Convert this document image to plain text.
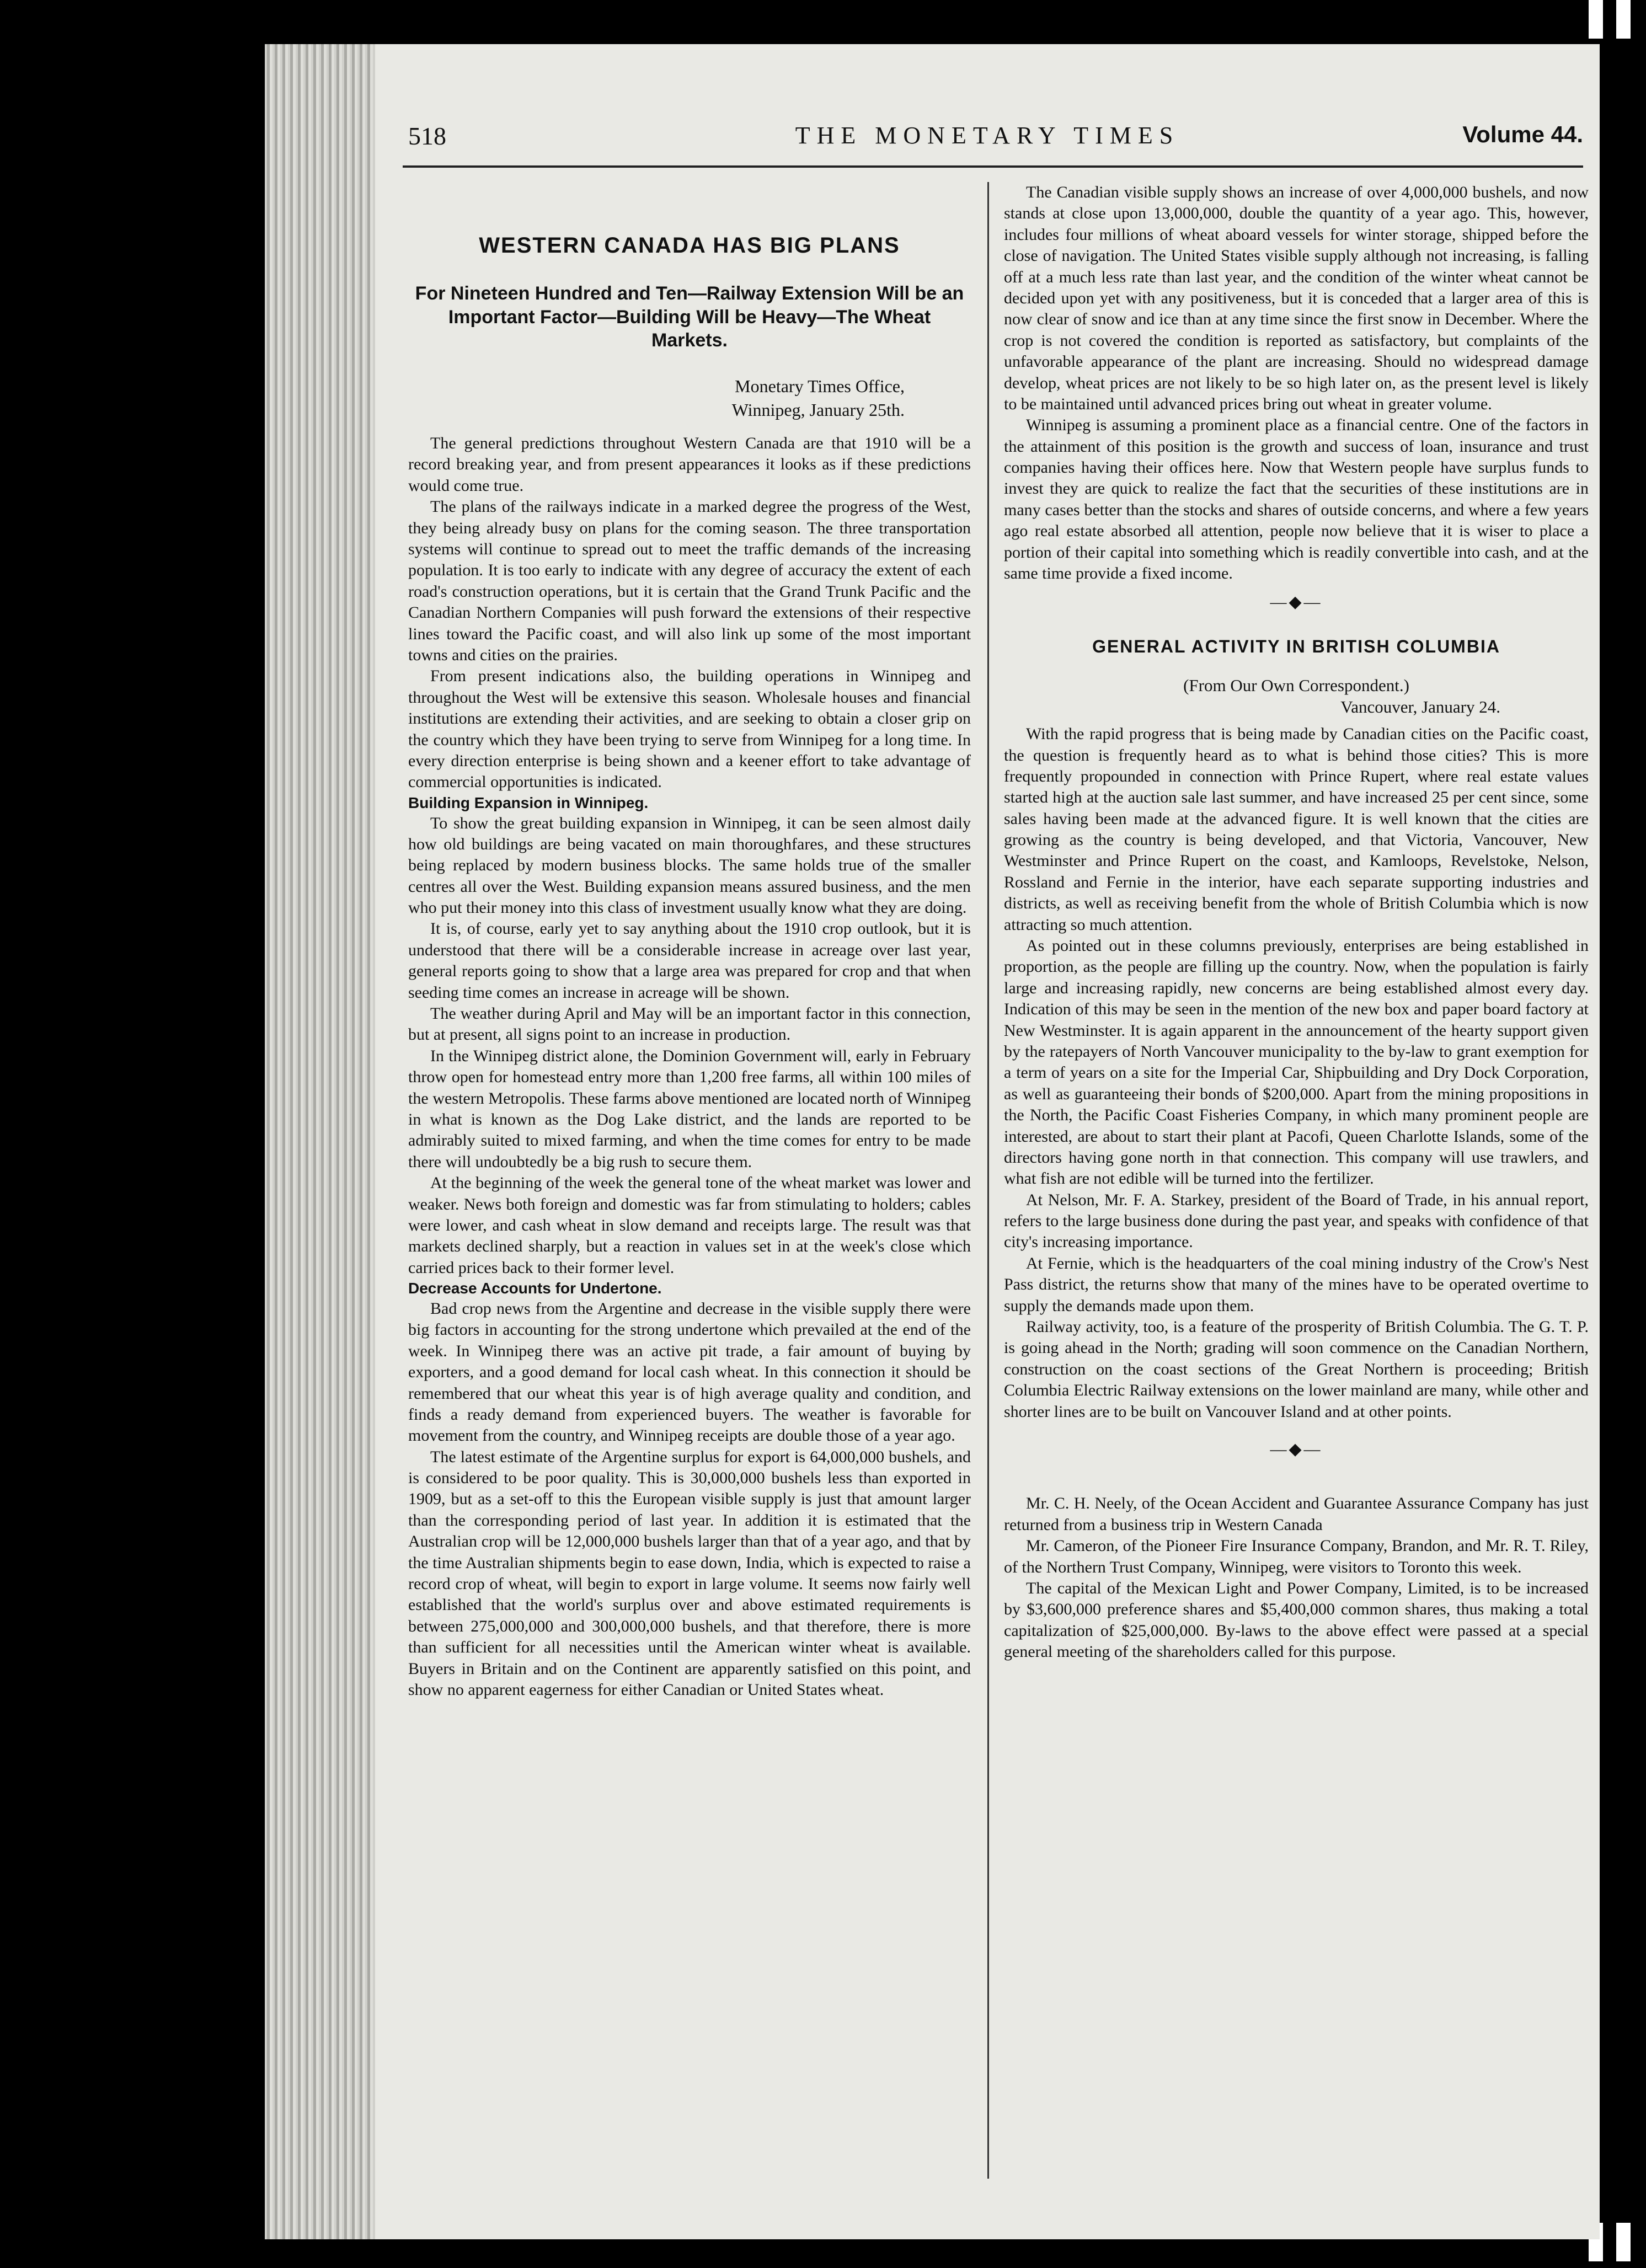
518	THE MONETARY TIMES	Volume 44.
WESTERN CANADA HAS BIG PLANS
For Nineteen Hundred and Ten—Railway Extension Will be an Important Factor—Building Will be Heavy—The Wheat Markets.
Monetary Times Office,
Winnipeg, January 25th.

The general predictions throughout Western Canada are that 1910 will be a record breaking year, and from present appearances it looks as if these predictions would come true.

The plans of the railways indicate in a marked degree the progress of the West, they being already busy on plans for the coming season. The three transportation systems will continue to spread out to meet the traffic demands of the increasing population. It is too early to indicate with any degree of accuracy the extent of each road's construction operations, but it is certain that the Grand Trunk Pacific and the Canadian Northern Companies will push forward the extensions of their respective lines toward the Pacific coast, and will also link up some of the most important towns and cities on the prairies.

From present indications also, the building operations in Winnipeg and throughout the West will be extensive this season. Wholesale houses and financial institutions are extending their activities, and are seeking to obtain a closer grip on the country which they have been trying to serve from Winnipeg for a long time. In every direction enterprise is being shown and a keener effort to take advantage of commercial opportunities is indicated.

Building Expansion in Winnipeg.

To show the great building expansion in Winnipeg, it can be seen almost daily how old buildings are being vacated on main thoroughfares, and these structures being replaced by modern business blocks. The same holds true of the smaller centres all over the West. Building expansion means assured business, and the men who put their money into this class of investment usually know what they are doing.

It is, of course, early yet to say anything about the 1910 crop outlook, but it is understood that there will be a considerable increase in acreage over last year, general reports going to show that a large area was prepared for crop and that when seeding time comes an increase in acreage will be shown.

The weather during April and May will be an important factor in this connection, but at present, all signs point to an increase in production.

In the Winnipeg district alone, the Dominion Government will, early in February throw open for homestead entry more than 1,200 free farms, all within 100 miles of the western Metropolis. These farms above mentioned are located north of Winnipeg in what is known as the Dog Lake district, and the lands are reported to be admirably suited to mixed farming, and when the time comes for entry to be made there will undoubtedly be a big rush to secure them.

At the beginning of the week the general tone of the wheat market was lower and weaker. News both foreign and domestic was far from stimulating to holders; cables were lower, and cash wheat in slow demand and receipts large. The result was that markets declined sharply, but a reaction in values set in at the week's close which carried prices back to their former level.

Decrease Accounts for Undertone.

Bad crop news from the Argentine and decrease in the visible supply there were big factors in accounting for the strong undertone which prevailed at the end of the week. In Winnipeg there was an active pit trade, a fair amount of buying by exporters, and a good demand for local cash wheat. In this connection it should be remembered that our wheat this year is of high average quality and condition, and finds a ready demand from experienced buyers. The weather is favorable for movement from the country, and Winnipeg receipts are double those of a year ago.

The latest estimate of the Argentine surplus for export is 64,000,000 bushels, and is considered to be poor quality. This is 30,000,000 bushels less than exported in 1909, but as a set-off to this the European visible supply is just that amount larger than the corresponding period of last year. In addition it is estimated that the Australian crop will be 12,000,000 bushels larger than that of a year ago, and that by the time Australian shipments begin to ease down, India, which is expected to raise a record crop of wheat, will begin to export in large volume. It seems now fairly well established that the world's surplus over and above estimated requirements is between 275,000,000 and 300,000,000 bushels, and that therefore, there is more than sufficient for all necessities until the American winter wheat is available. Buyers in Britain and on the Continent are apparently satisfied on this point, and show no apparent eagerness for either Canadian or United States wheat.

The Canadian visible supply shows an increase of over 4,000,000 bushels, and now stands at close upon 13,000,000, double the quantity of a year ago. This, however, includes four millions of wheat aboard vessels for winter storage, shipped before the close of navigation. The United States visible supply although not increasing, is falling off at a much less rate than last year, and the condition of the winter wheat cannot be decided upon yet with any positiveness, but it is conceded that a larger area of this is now clear of snow and ice than at any time since the first snow in December. Where the crop is not covered the condition is reported as satisfactory, but complaints of the unfavorable appearance of the plant are increasing. Should no widespread damage develop, wheat prices are not likely to be so high later on, as the present level is likely to be maintained until advanced prices bring out wheat in greater volume.

Winnipeg is assuming a prominent place as a financial centre. One of the factors in the attainment of this position is the growth and success of loan, insurance and trust companies having their offices here. Now that Western people have surplus funds to invest they are quick to realize the fact that the securities of these institutions are in many cases better than the stocks and shares of outside concerns, and where a few years ago real estate absorbed all attention, people now believe that it is wiser to place a portion of their capital into something which is readily convertible into cash, and at the same time provide a fixed income.

—◆—
GENERAL ACTIVITY IN BRITISH COLUMBIA
(From Our Own Correspondent.)
Vancouver, January 24.

With the rapid progress that is being made by Canadian cities on the Pacific coast, the question is frequently heard as to what is behind those cities? This is more frequently propounded in connection with Prince Rupert, where real estate values started high at the auction sale last summer, and have increased 25 per cent since, some sales having been made at the advanced figure. It is well known that the cities are growing as the country is being developed, and that Victoria, Vancouver, New Westminster and Prince Rupert on the coast, and Kamloops, Revelstoke, Nelson, Rossland and Fernie in the interior, have each separate supporting industries and districts, as well as receiving benefit from the whole of British Columbia which is now attracting so much attention.

As pointed out in these columns previously, enterprises are being established in proportion, as the people are filling up the country. Now, when the population is fairly large and increasing rapidly, new concerns are being established almost every day. Indication of this may be seen in the mention of the new box and paper board factory at New Westminster. It is again apparent in the announcement of the hearty support given by the ratepayers of North Vancouver municipality to the by-law to grant exemption for a term of years on a site for the Imperial Car, Shipbuilding and Dry Dock Corporation, as well as guaranteeing their bonds of $200,000. Apart from the mining propositions in the North, the Pacific Coast Fisheries Company, in which many prominent people are interested, are about to start their plant at Pacofi, Queen Charlotte Islands, some of the directors having gone north in that connection. This company will use trawlers, and what fish are not edible will be turned into the fertilizer.

At Nelson, Mr. F. A. Starkey, president of the Board of Trade, in his annual report, refers to the large business done during the past year, and speaks with confidence of that city's increasing importance.

At Fernie, which is the headquarters of the coal mining industry of the Crow's Nest Pass district, the returns show that many of the mines have to be operated overtime to supply the demands made upon them.

Railway activity, too, is a feature of the prosperity of British Columbia. The G. T. P. is going ahead in the North; grading will soon commence on the Canadian Northern, construction on the coast sections of the Great Northern is proceeding; British Columbia Electric Railway extensions on the lower mainland are many, while other and shorter lines are to be built on Vancouver Island and at other points.

—◆—

Mr. C. H. Neely, of the Ocean Accident and Guarantee Assurance Company has just returned from a business trip in Western Canada

Mr. Cameron, of the Pioneer Fire Insurance Company, Brandon, and Mr. R. T. Riley, of the Northern Trust Company, Winnipeg, were visitors to Toronto this week.

The capital of the Mexican Light and Power Company, Limited, is to be increased by $3,600,000 preference shares and $5,400,000 common shares, thus making a total capitalization of $25,000,000. By-laws to the above effect were passed at a special general meeting of the shareholders called for this purpose.
